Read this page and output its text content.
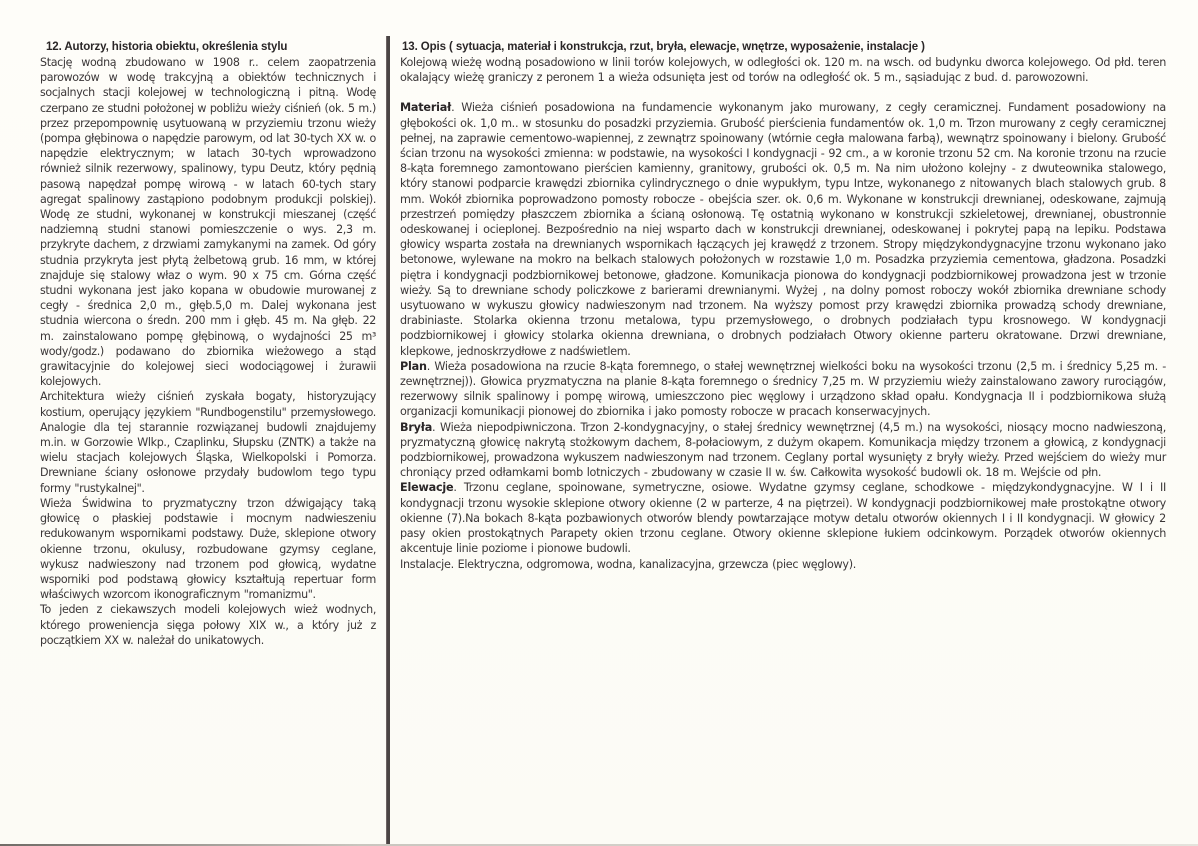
12. Autorzy, historia obiektu, określenia stylu

Stację wodną zbudowano w 1908 r.. celem zaopatrzenia parowozów w wodę trakcyjną a obiektów technicznych i socjalnych stacji kolejowej w technologiczną i pitną. Wodę czerpano ze studni położonej w pobliżu wieży ciśnień (ok. 5 m.) przez przepompownię usytuowaną w przyziemiu trzonu wieży (pompa głębinowa o napędzie parowym, od lat 30-tych XX w. o napędzie elektrycznym; w latach 30-tych wprowadzono również silnik rezerwowy, spalinowy, typu Deutz, który pędnią pasową napędzał pompę wirową - w latach 60-tych stary agregat spalinowy zastąpiono podobnym produkcji polskiej). Wodę ze studni, wykonanej w konstrukcji mieszanej (część nadziemną studni stanowi pomieszczenie o wys. 2,3 m. przykryte dachem, z drzwiami zamykanymi na zamek. Od góry studnia przykryta jest płytą żelbetową grub. 16 mm, w której znajduje się stalowy właz o wym. 90 x 75 cm. Górna część studni wykonana jest jako kopana w obudowie murowanej z cegły - średnica 2,0 m., głęb.5,0 m. Dalej wykonana jest studnia wiercona o średn. 200 mm i głęb. 45 m. Na głęb. 22 m. zainstalowano pompę głębinową, o wydajności 25 m³ wody/godz.) podawano do zbiornika wieżowego a stąd grawitacyjnie do kolejowej sieci wodociągowej i żurawii kolejowych.

Architektura wieży ciśnień zyskała bogaty, historyzujący kostium, operujący językiem "Rundbogenstilu" przemysłowego. Analogie dla tej starannie rozwiązanej budowli znajdujemy m.in. w Gorzowie Wlkp., Czaplinku, Słupsku (ZNTK) a także na wielu stacjach kolejowych Śląska, Wielkopolski i Pomorza. Drewniane ściany osłonowe przydały budowlom tego typu formy "rustykalnej".

Wieża Świdwina to pryzmatyczny trzon dźwigający taką głowicę o płaskiej podstawie i mocnym nadwieszeniu redukowanym wspornikami podstawy. Duże, sklepione otwory okienne trzonu, okulusy, rozbudowane gzymsy ceglane, wykusz nadwieszony nad trzonem pod głowicą, wydatne wsporniki pod podstawą głowicy kształtują repertuar form właściwych wzorcom ikonograficznym "romanizmu".

To jeden z ciekawszych modeli kolejowych wież wodnych, którego proweniencja sięga połowy XIX w., a który już z początkiem XX w. należał do unikatowych.

13. Opis ( sytuacja, materiał i konstrukcja, rzut, bryła, elewacje, wnętrze, wyposażenie, instalacje )

Kolejową wieżę wodną posadowiono w linii torów kolejowych, w odległości ok. 120 m. na wsch. od budynku dworca kolejowego. Od płd. teren okalający wieżę graniczy z peronem 1 a wieża odsunięta jest od torów na odległość ok. 5 m., sąsiadując z bud. d. parowozowni.

Materiał. Wieża ciśnień posadowiona na fundamencie wykonanym jako murowany, z cegły ceramicznej. Fundament posadowiony na głębokości ok. 1,0 m.. w stosunku do posadzki przyziemia. Grubość pierścienia fundamentów ok. 1,0 m. Trzon murowany z cegły ceramicznej pełnej, na zaprawie cementowo-wapiennej, z zewnątrz spoinowany (wtórnie cegła malowana farbą), wewnątrz spoinowany i bielony. Grubość ścian trzonu na wysokości zmienna: w podstawie, na wysokości I kondygnacji - 92 cm., a w koronie trzonu 52 cm. Na koronie trzonu na rzucie 8-kąta foremnego zamontowano pierścien kamienny, granitowy, grubości ok. 0,5 m. Na nim ułożono kolejny - z dwuteownika stalowego, który stanowi podparcie krawędzi zbiornika cylindrycznego o dnie wypukłym, typu Intze, wykonanego z nitowanych blach stalowych grub. 8 mm. Wokół zbiornika poprowadzono pomosty robocze - obejścia szer. ok. 0,6 m. Wykonane w konstrukcji drewnianej, odeskowane, zajmują przestrzeń pomiędzy płaszczem zbiornika a ścianą osłonową. Tę ostatnią wykonano w konstrukcji szkieletowej, drewnianej, obustronnie odeskowanej i ocieplonej. Bezpośrednio na niej wsparto dach w konstrukcji drewnianej, odeskowanej i pokrytej papą na lepiku. Podstawa głowicy wsparta została na drewnianych wspornikach łączących jej krawędź z trzonem. Stropy międzykondygnacyjne trzonu wykonano jako betonowe, wylewane na mokro na belkach stalowych położonych w rozstawie 1,0 m. Posadzka przyziemia cementowa, gładzona. Posadzki piętra i kondygnacji podzbiornikowej betonowe, gładzone. Komunikacja pionowa do kondygnacji podzbiornikowej prowadzona jest w trzonie wieży. Są to drewniane schody policzkowe z barierami drewnianymi. Wyżej , na dolny pomost roboczy wokół zbiornika drewniane schody usytuowano w wykuszu głowicy nadwieszonym nad trzonem. Na wyższy pomost przy krawędzi zbiornika prowadzą schody drewniane, drabiniaste. Stolarka okienna trzonu metalowa, typu przemysłowego, o drobnych podziałach typu krosnowego. W kondygnacji podzbiornikowej i głowicy stolarka okienna drewniana, o drobnych podziałach Otwory okienne parteru okratowane. Drzwi drewniane, klepkowe, jednoskrzydłowe z nadświetlem.

Plan. Wieża posadowiona na rzucie 8-kąta foremnego, o stałej wewnętrznej wielkości boku na wysokości trzonu (2,5 m. i średnicy 5,25 m. -zewnętrznej)). Głowica pryzmatyczna na planie 8-kąta foremnego o średnicy 7,25 m. W przyziemiu wieży zainstalowano zawory rurociągów, rezerwowy silnik spalinowy i pompę wirową, umieszczono piec węglowy i urządzono skład opału. Kondygnacja II i podzbiornikowa służą organizacji komunikacji pionowej do zbiornika i jako pomosty robocze w pracach konserwacyjnych.

Bryła. Wieża niepodpiwniczona. Trzon 2-kondygnacyjny, o stałej średnicy wewnętrznej (4,5 m.) na wysokości, niosący mocno nadwieszoną, pryzmatyczną głowicę nakrytą stożkowym dachem, 8-połaciowym, z dużym okapem. Komunikacja między trzonem a głowicą, z kondygnacji podzbiornikowej, prowadzona wykuszem nadwieszonym nad trzonem. Ceglany portal wysunięty z bryły wieży. Przed wejściem do wieży mur chroniący przed odłamkami bomb lotniczych - zbudowany w czasie II w. św. Całkowita wysokość budowli ok. 18 m. Wejście od płn.

Elewacje. Trzonu ceglane, spoinowane, symetryczne, osiowe. Wydatne gzymsy ceglane, schodkowe - międzykondygnacyjne. W I i II kondygnacji trzonu wysokie sklepione otwory okienne (2 w parterze, 4 na piętrzei). W kondygnacji podzbiornikowej małe prostokątne otwory okienne (7).Na bokach 8-kąta pozbawionych otworów blendy powtarzające motyw detalu otworów okiennych I i II kondygnacji. W głowicy 2 pasy okien prostokątnych Parapety okien trzonu ceglane. Otwory okienne sklepione łukiem odcinkowym. Porządek otworów okiennych akcentuje linie poziome i pionowe budowli.

Instalacje. Elektryczna, odgromowa, wodna, kanalizacyjna, grzewcza (piec węglowy).
